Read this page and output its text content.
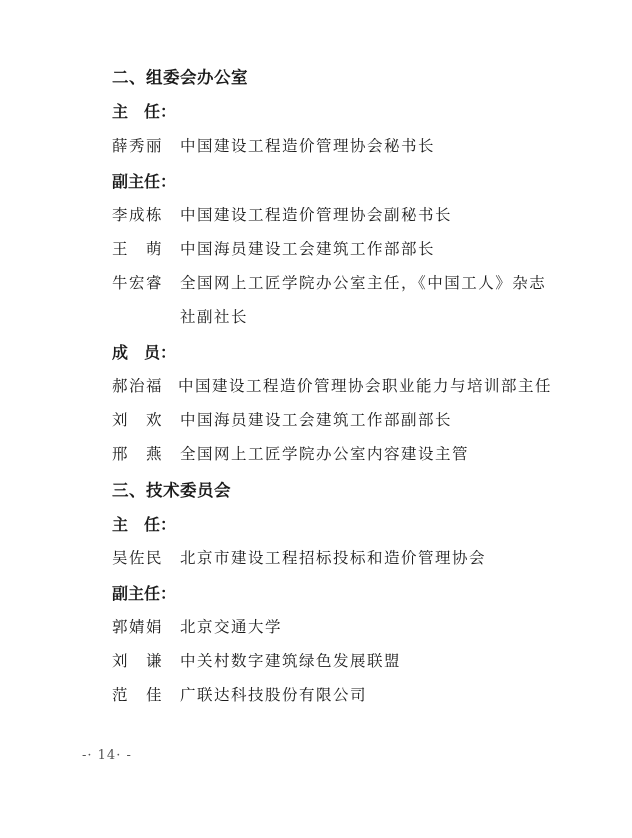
二、组委会办公室
主　任：
薛秀丽 中国建设工程造价管理协会秘书长
副主任：
李成栋 中国建设工程造价管理协会副秘书长
王　萌 中国海员建设工会建筑工作部部长
牛宏睿 全国网上工匠学院办公室主任，《中国工人》杂志
社副社长
成　员：
郝治福 中国建设工程造价管理协会职业能力与培训部主任
刘　欢 中国海员建设工会建筑工作部副部长
邢　燕 全国网上工匠学院办公室内容建设主管
三、技术委员会
主　任：
吴佐民 北京市建设工程招标投标和造价管理协会
副主任：
郭婧娟 北京交通大学
刘　谦 中关村数字建筑绿色发展联盟
范　佳 广联达科技股份有限公司
-· 14· -
